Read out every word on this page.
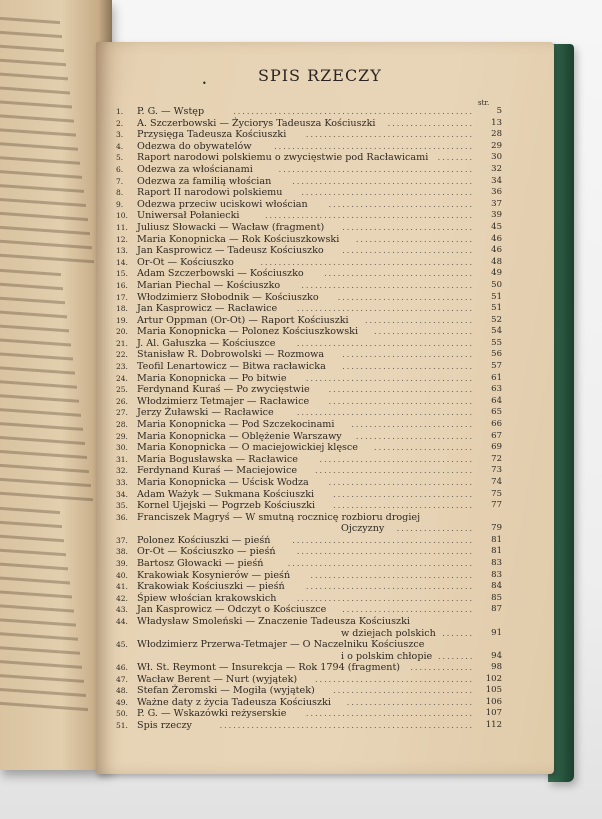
•	SPIS RZECZY
str.
1.	P. G. — Wstęp	5
.....................................................
2.	A. Szczerbowski — Życiorys Tadeusza Kościuszki	13
...................
3.	Przysięga Tadeusza Kościuszki	28
.....................................
4.	Odezwa do obywatelów	29
............................................
5.	Raport narodowi polskiemu o zwycięstwie pod Racławicami	30
........
6.	Odezwa za włościanami	32
...........................................
7.	Odezwa za familią włościan	34
........................................
8.	Raport II narodowi polskiemu	36
......................................
9.	Odezwa przeciw uciskowi włościan	37
................................
10. Uniwersał Połaniecki	39
..............................................
11. Juliusz Słowacki — Wacław (fragment)	45
.............................
12. Maria Konopnicka — Rok Kościuszkowski	46
..........................
13. Jan Kasprowicz — Tadeusz Kościuszko	46
.............................
14. Or-Ot — Kościuszko	48
...............................................
15. Adam Szczerbowski — Kościuszko	49
.................................
16. Marian Piechal — Kościuszko	50
......................................
17. Włodzimierz Słobodnik — Kościuszko	51
..............................
18. Jan Kasprowicz — Racławice	51
.......................................
19. Artur Oppman (Or-Ot) — Raport Kościuszki	52
........................
20. Maria Konopnicka — Polonez Kościuszkowski	54
......................
21. J. Al. Gałuszka — Kościuszce	55
.......................................
22. Stanisław R. Dobrowolski — Rozmowa	56
.............................
23. Teofil Lenartowicz — Bitwa racławicka	57
.............................
24. Maria Konopnicka — Po bitwie	61
.....................................
25. Ferdynand Kuraś — Po zwycięstwie	63
................................
26. Włodzimierz Tetmajer — Racławice	64
................................
27. Jerzy Żuławski — Racławice	65
.......................................
28. Maria Konopnicka — Pod Szczekocinami	66
...........................
29. Maria Konopnicka — Oblężenie Warszawy	67
..........................
30. Maria Konopnicka — O maciejowickiej klęsce	69
......................
31. Maria Bogusławska — Racławice	72
..................................
32. Ferdynand Kuraś — Maciejowice	73
...................................
33. Maria Konopnicka — Uścisk Wodza	74
................................
34. Adam Ważyk — Sukmana Kościuszki	75
...............................
35. Kornel Ujejski — Pogrzeb Kościuszki	77
...............................
36. Franciszek Magryś — W smutną rocznicę rozbioru drogiej
Ojczyzny	79
.................
37. Polonez Kościuszki — pieśń	81
........................................
38. Or-Ot — Kościuszko — pieśń	81
.......................................
39. Bartosz Głowacki — pieśń	83
.........................................
40. Krakowiak Kosynierów — pieśń	83
....................................
41. Krakowiak Kościuszki — pieśń	84
.....................................
42. Śpiew włościan krakowskich	85
.......................................
43. Jan Kasprowicz — Odczyt o Kościuszce	87
.............................
44. Władysław Smoleński — Znaczenie Tadeusza Kościuszki
w dziejach polskich	91
.......
45. Włodzimierz Przerwa-Tetmajer — O Naczelniku Kościuszce
i o polskim chłopie	94
........
46. Wł. St. Reymont — Insurekcja — Rok 1794 (fragment)	98
..............
47. Wacław Berent — Nurt (wyjątek)	102
...................................
48. Stefan Żeromski — Mogiła (wyjątek)	105
...............................
49. Ważne daty z życia Tadeusza Kościuszki	106
............................
50. P. G. — Wskazówki reżyserskie	107
.....................................
51. Spis rzeczy	112
........................................................
